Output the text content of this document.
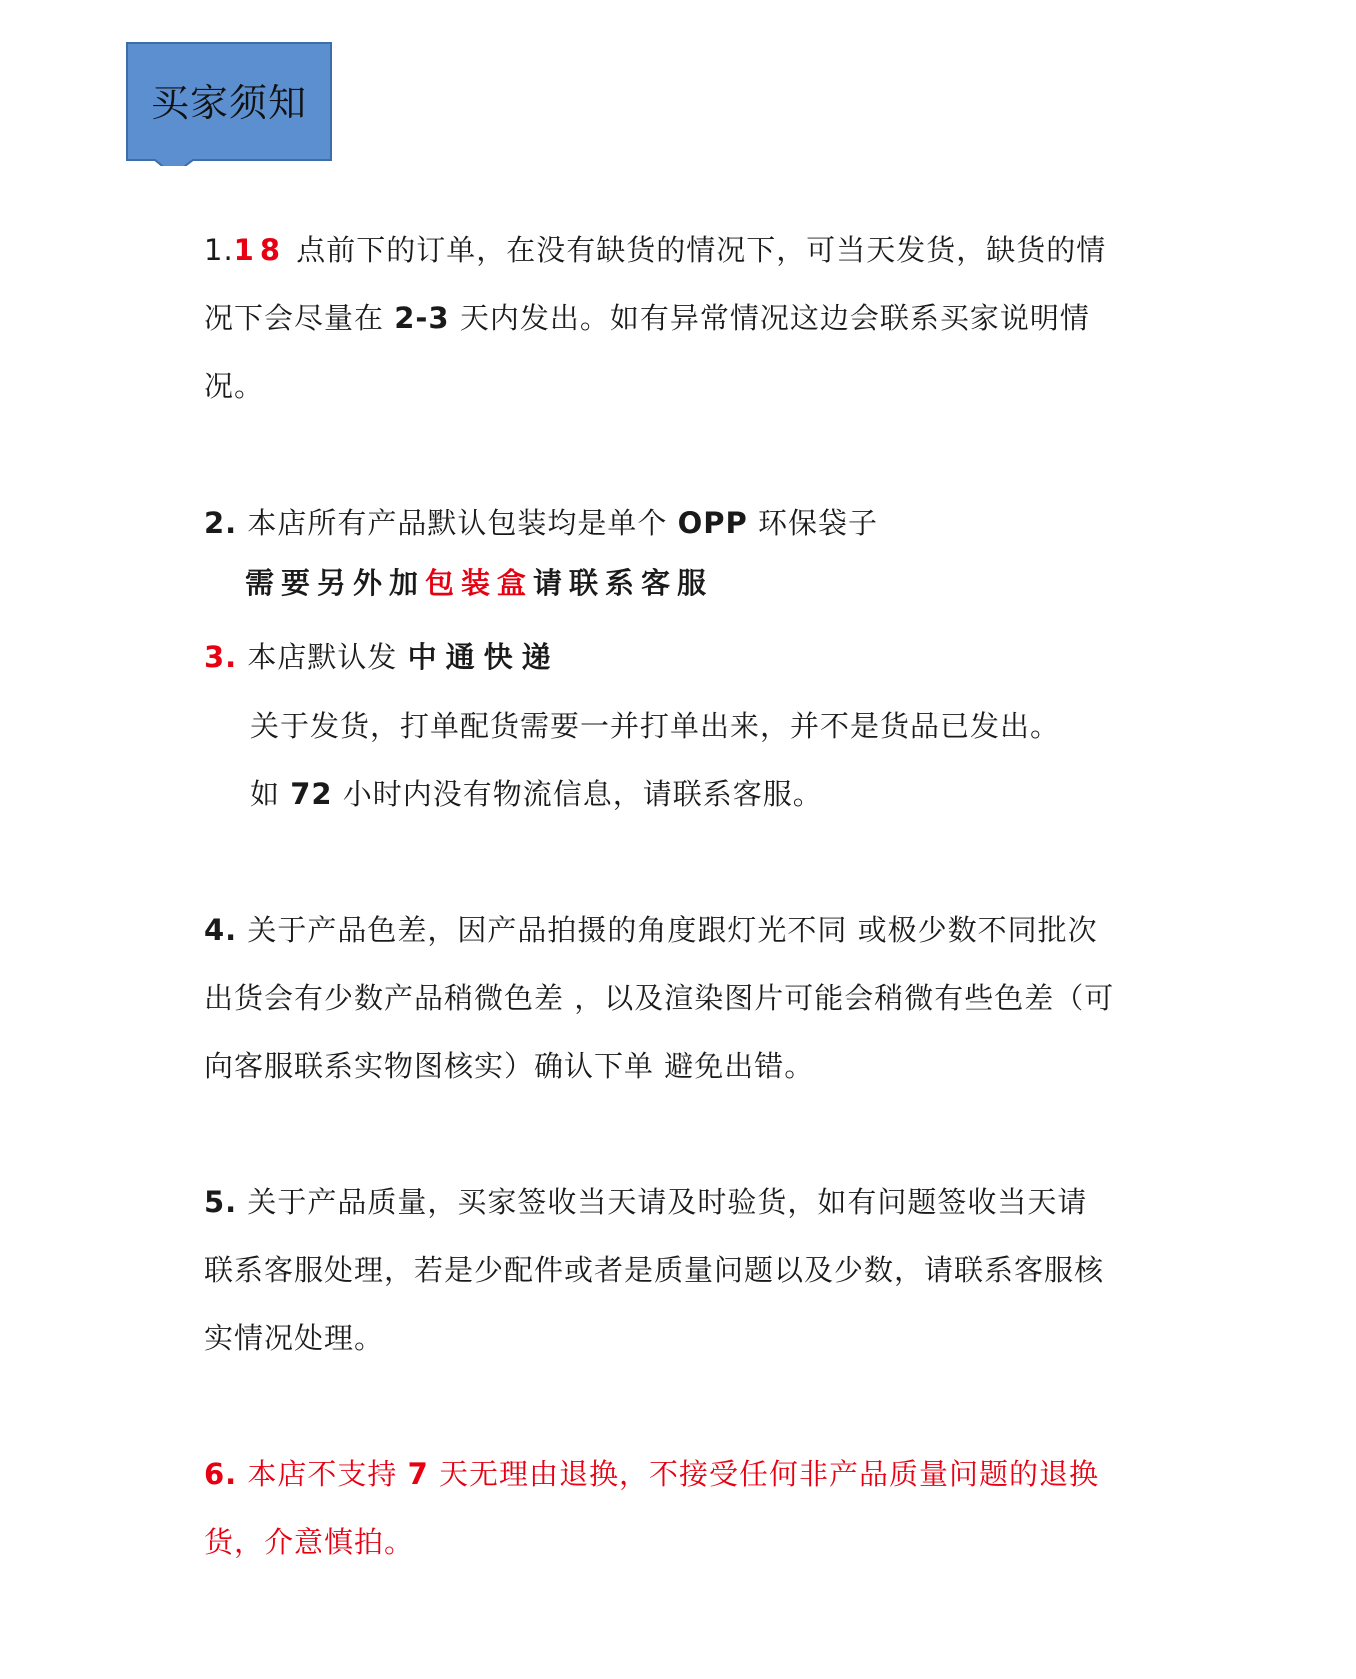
买家须知
1.18 点前下的订单，在没有缺货的情况下，可当天发货，缺货的情
况下会尽量在 2-3 天内发出。如有异常情况这边会联系买家说明情
况。
2. 本店所有产品默认包装均是单个 OPP 环保袋子
需要另外加包装盒请联系客服
3. 本店默认发 中通快递
关于发货，打单配货需要一并打单出来，并不是货品已发出。
如 72 小时内没有物流信息，请联系客服。
4. 关于产品色差，因产品拍摄的角度跟灯光不同 或极少数不同批次
出货会有少数产品稍微色差 ，以及渲染图片可能会稍微有些色差（可
向客服联系实物图核实）确认下单 避免出错。
5. 关于产品质量，买家签收当天请及时验货，如有问题签收当天请
联系客服处理，若是少配件或者是质量问题以及少数，请联系客服核
实情况处理。
6. 本店不支持 7 天无理由退换，不接受任何非产品质量问题的退换
货，介意慎拍。
